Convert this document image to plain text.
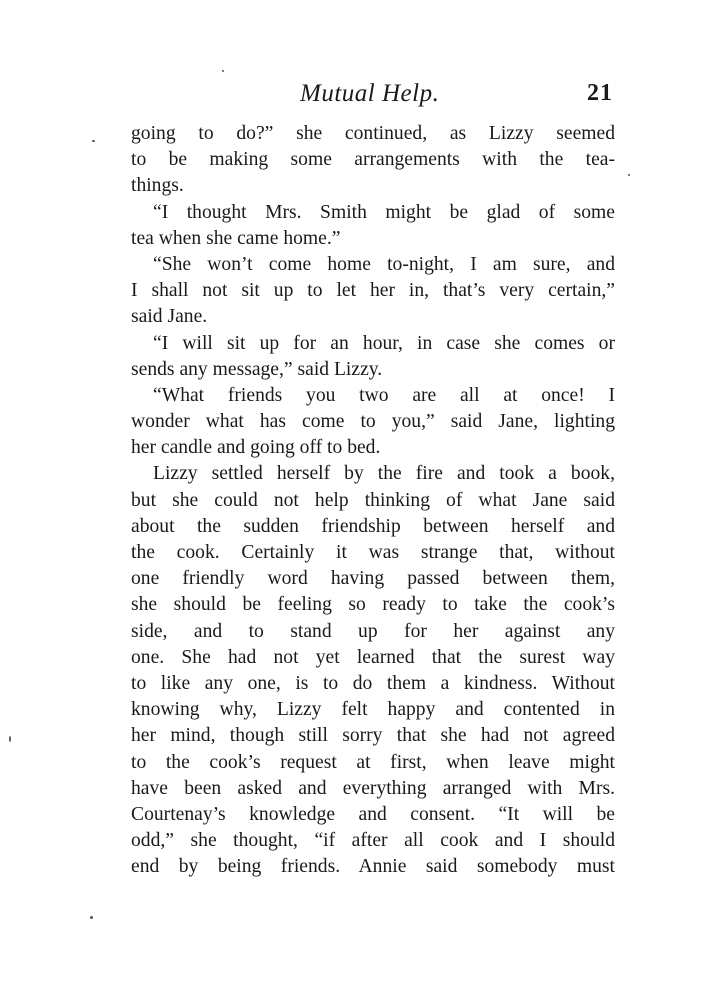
Mutual Help.	21
going to do?” she continued, as Lizzy seemed
to be making some arrangements with the tea-
things.
“I thought Mrs. Smith might be glad of some
tea when she came home.”
“She won’t come home to-night, I am sure, and
I shall not sit up to let her in, that’s very certain,”
said Jane.
“I will sit up for an hour, in case she comes or
sends any message,” said Lizzy.
“What friends you two are all at once! I
wonder what has come to you,” said Jane, lighting
her candle and going off to bed.
Lizzy settled herself by the fire and took a book,
but she could not help thinking of what Jane said
about the sudden friendship between herself and
the cook. Certainly it was strange that, without
one friendly word having passed between them,
she should be feeling so ready to take the cook’s
side, and to stand up for her against any
one. She had not yet learned that the surest way
to like any one, is to do them a kindness. Without
knowing why, Lizzy felt happy and contented in
her mind, though still sorry that she had not agreed
to the cook’s request at first, when leave might
have been asked and everything arranged with Mrs.
Courtenay’s knowledge and consent. “It will be
odd,” she thought, “if after all cook and I should
end by being friends. Annie said somebody must
